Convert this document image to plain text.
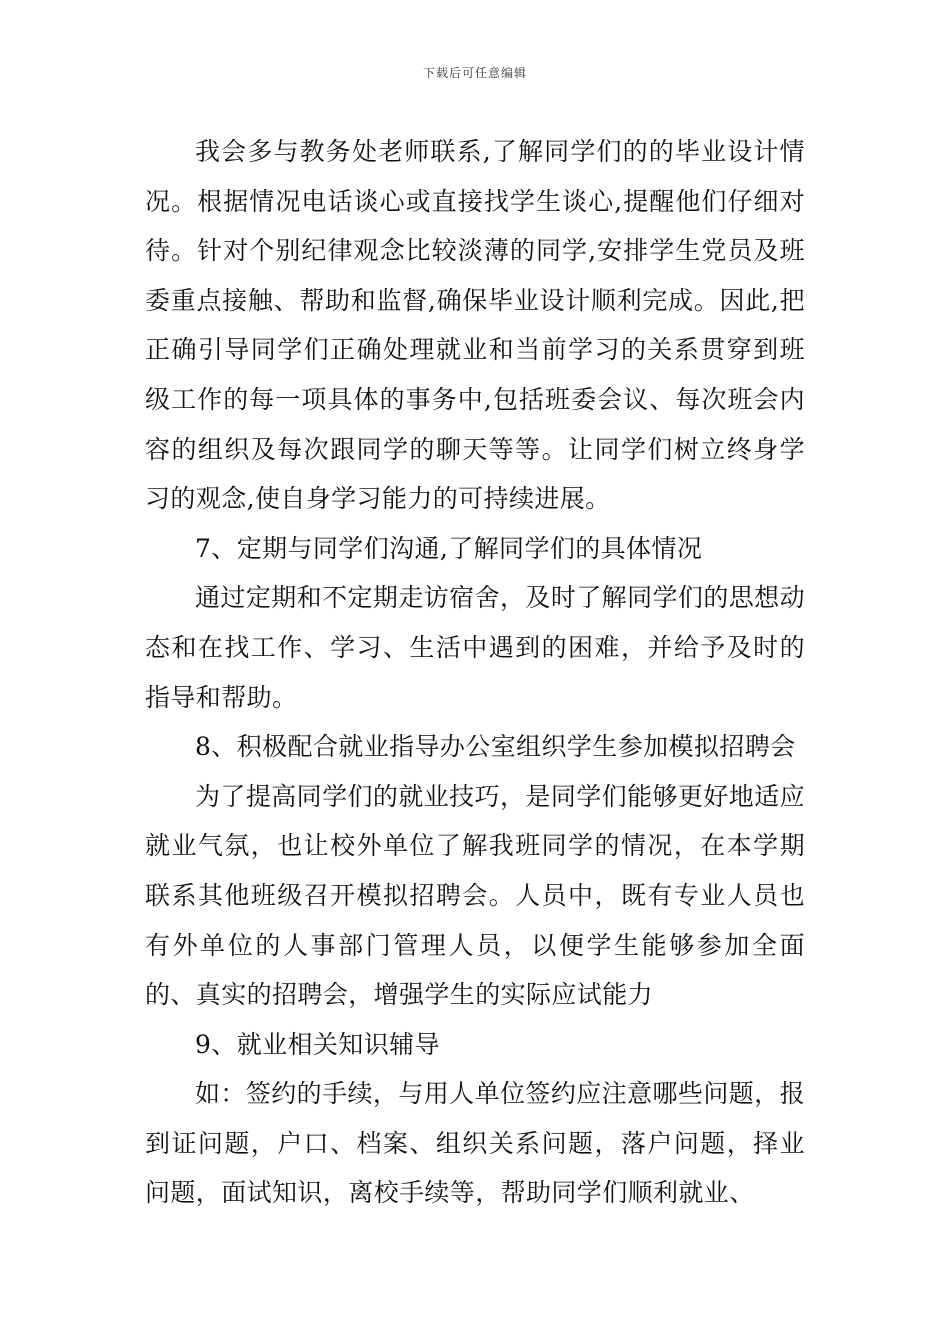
下载后可任意编辑

我会多与教务处老师联系,了解同学们的的毕业设计情况。根据情况电话谈心或直接找学生谈心,提醒他们仔细对待。针对个别纪律观念比较淡薄的同学,安排学生党员及班委重点接触、帮助和监督,确保毕业设计顺利完成。因此,把正确引导同学们正确处理就业和当前学习的关系贯穿到班级工作的每一项具体的事务中,包括班委会议、每次班会内容的组织及每次跟同学的聊天等等。让同学们树立终身学习的观念,使自身学习能力的可持续进展。

7、定期与同学们沟通,了解同学们的具体情况

通过定期和不定期走访宿舍，及时了解同学们的思想动态和在找工作、学习、生活中遇到的困难，并给予及时的指导和帮助。

8、积极配合就业指导办公室组织学生参加模拟招聘会

为了提高同学们的就业技巧，是同学们能够更好地适应就业气氛，也让校外单位了解我班同学的情况，在本学期联系其他班级召开模拟招聘会。人员中，既有专业人员也有外单位的人事部门管理人员，以便学生能够参加全面的、真实的招聘会，增强学生的实际应试能力

9、就业相关知识辅导

如：签约的手续，与用人单位签约应注意哪些问题，报到证问题，户口、档案、组织关系问题，落户问题，择业问题，面试知识，离校手续等，帮助同学们顺利就业、
